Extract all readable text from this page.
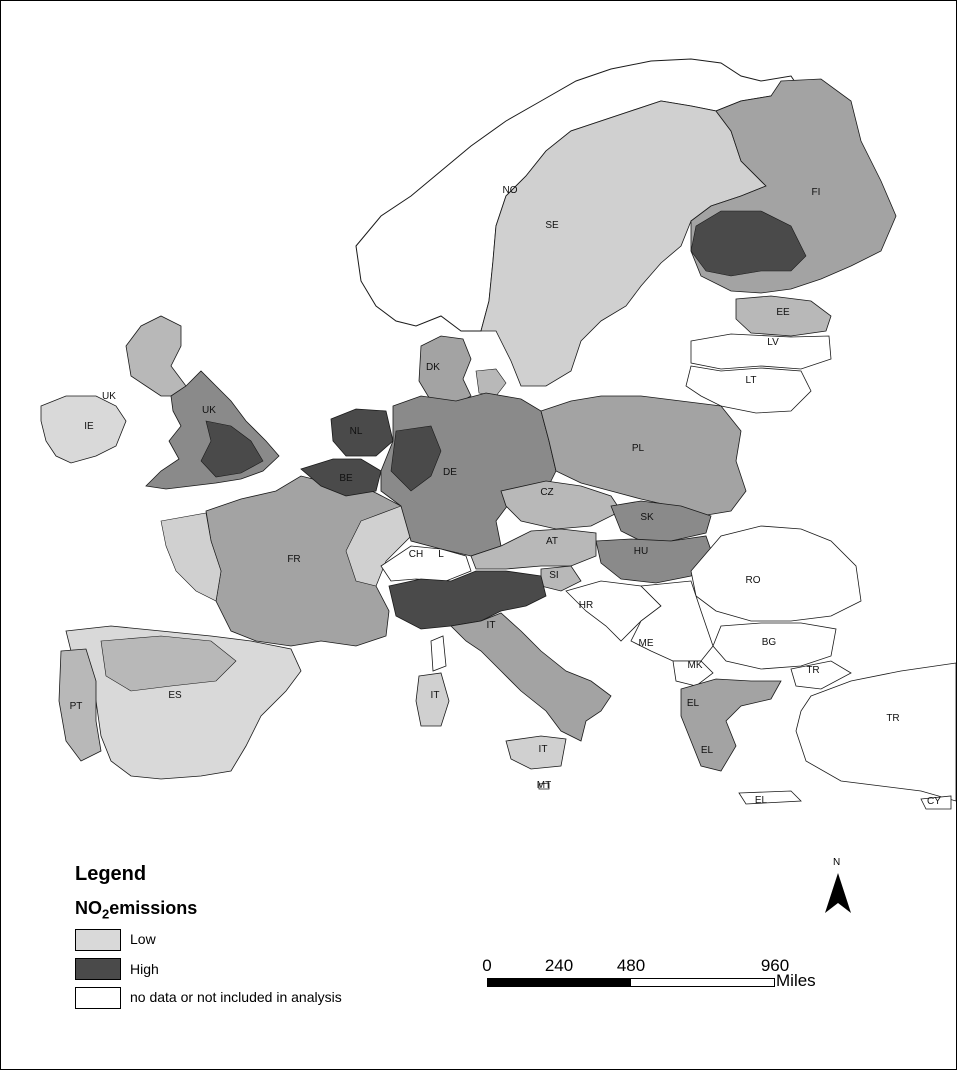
NO
SE
FI
EE
LV
LT
DK
UK
UK
IE	NL
BE
DE
PL
CZ
SK
HU
AT
SI
HR
CH L
FR
IT
IT
IT
ES
PT
RO
BG
ME
MK	TR
TR
EL
EL
EL	CY
MT
Legend
$NO_2emissions$
Low
High
no data or not included in analysis
0	240	480	960
Miles
N
